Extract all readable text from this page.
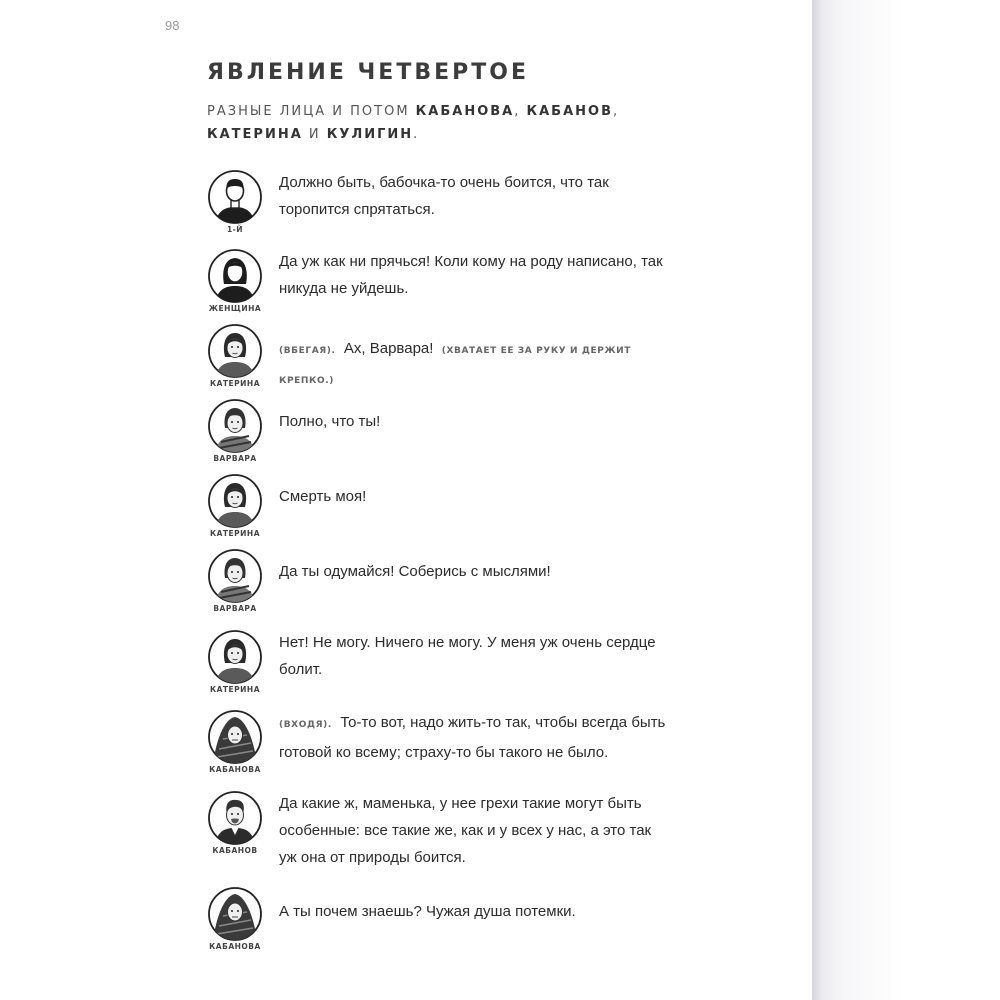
98
ЯВЛЕНИЕ ЧЕТВЕРТОЕ
РАЗНЫЕ ЛИЦА И ПОТОМ КАБАНОВА, КАБАНОВ, КАТЕРИНА И КУЛИГИН.
1-Й
Должно быть, бабочка-то очень боится, что так торопится спрятаться.
ЖЕНЩИНА
Да уж как ни прячься! Коли кому на роду написано, так никуда не уйдешь.
КАТЕРИНА
(ВБЕГАЯ). Ах, Варвара! (ХВАТАЕТ ЕЕ ЗА РУКУ И ДЕРЖИТ КРЕПКО.)
ВАРВАРА
Полно, что ты!
КАТЕРИНА
Смерть моя!
ВАРВАРА
Да ты одумайся! Соберись с мыслями!
КАТЕРИНА
Нет! Не могу. Ничего не могу. У меня уж очень сердце болит.
КАБАНОВА
(ВХОДЯ). То-то вот, надо жить-то так, чтобы всегда быть готовой ко всему; страху-то бы такого не было.
КАБАНОВ
Да какие ж, маменька, у нее грехи такие могут быть особенные: все такие же, как и у всех у нас, а это так уж она от природы боится.
КАБАНОВА
А ты почем знаешь? Чужая душа потемки.
